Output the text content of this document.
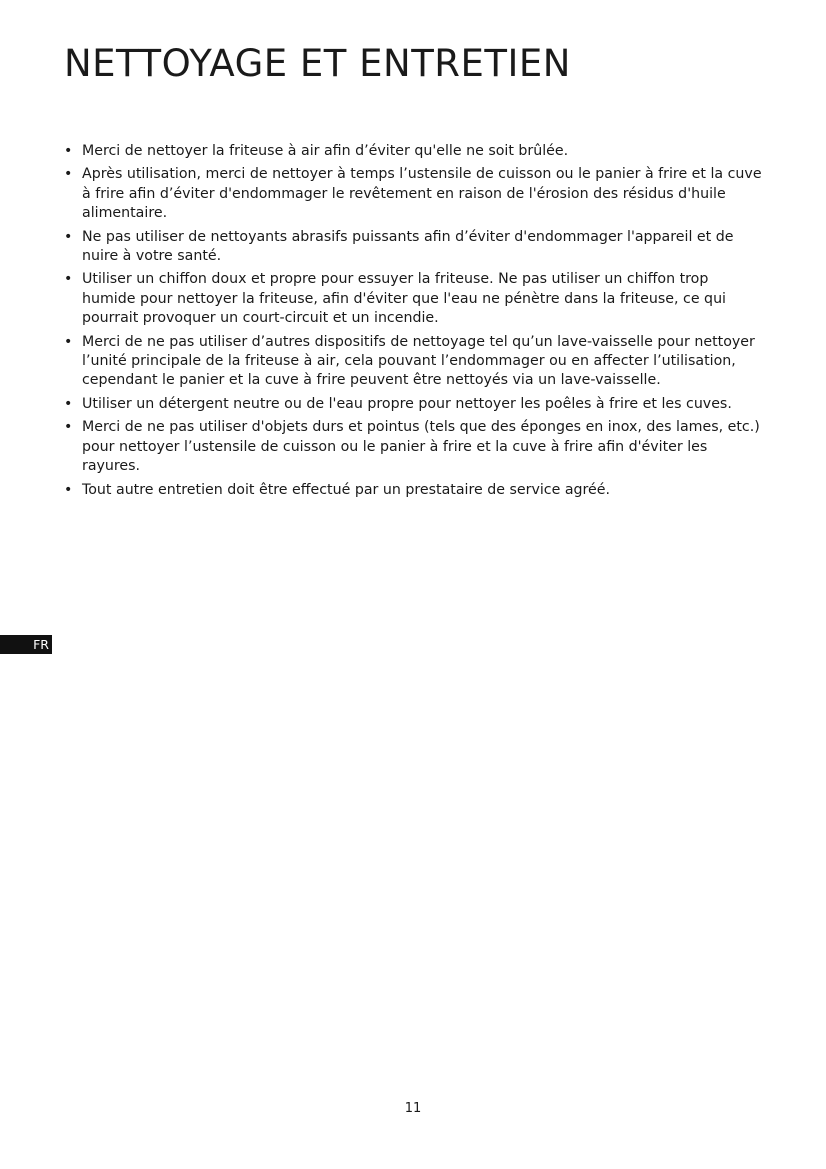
NETTOYAGE ET ENTRETIEN
• Merci de nettoyer la friteuse à air afin d’éviter qu'elle ne soit brûlée.
• Après utilisation, merci de nettoyer à temps l’ustensile de cuisson ou le panier à frire et la cuve à frire afin d’éviter d'endommager le revêtement en raison de l'érosion des résidus d'huile alimentaire.
• Ne pas utiliser de nettoyants abrasifs puissants afin d’éviter d'endommager l'appareil et de nuire à votre santé.
• Utiliser un chiffon doux et propre pour essuyer la friteuse. Ne pas utiliser un chiffon trop humide pour nettoyer la friteuse, afin d'éviter que l'eau ne pénètre dans la friteuse, ce qui pourrait provoquer un court-circuit et un incendie.
• Merci de ne pas utiliser d’autres dispositifs de nettoyage tel qu’un lave-vaisselle pour nettoyer l’unité principale de la friteuse à air, cela pouvant l’endommager ou en affecter l’utilisation, cependant le panier et la cuve à frire peuvent être nettoyés via un lave-vaisselle.
• Utiliser un détergent neutre ou de l'eau propre pour nettoyer les poêles à frire et les cuves.
• Merci de ne pas utiliser d'objets durs et pointus (tels que des éponges en inox, des lames, etc.) pour nettoyer l’ustensile de cuisson ou le panier à frire et la cuve à frire afin d'éviter les rayures.
• Tout autre entretien doit être effectué par un prestataire de service agréé.
FR
11
